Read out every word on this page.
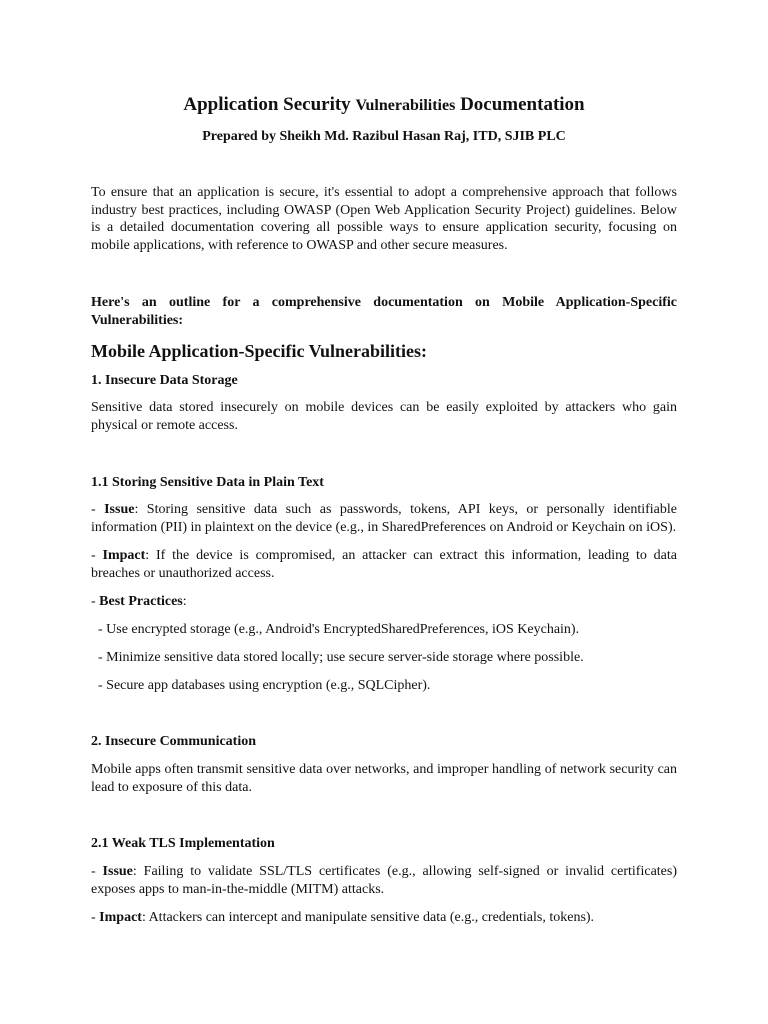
Application Security Vulnerabilities Documentation
Prepared by Sheikh Md. Razibul Hasan Raj, ITD, SJIB PLC

To ensure that an application is secure, it's essential to adopt a comprehensive approach that follows industry best practices, including OWASP (Open Web Application Security Project) guidelines. Below is a detailed documentation covering all possible ways to ensure application security, focusing on mobile applications, with reference to OWASP and other secure measures.

Here's an outline for a comprehensive documentation on Mobile Application-Specific Vulnerabilities:

Mobile Application-Specific Vulnerabilities:
1. Insecure Data Storage

Sensitive data stored insecurely on mobile devices can be easily exploited by attackers who gain physical or remote access.

1.1 Storing Sensitive Data in Plain Text

- Issue: Storing sensitive data such as passwords, tokens, API keys, or personally identifiable information (PII) in plaintext on the device (e.g., in SharedPreferences on Android or Keychain on iOS).

- Impact: If the device is compromised, an attacker can extract this information, leading to data breaches or unauthorized access.

- Best Practices:

- Use encrypted storage (e.g., Android's EncryptedSharedPreferences, iOS Keychain).
- Minimize sensitive data stored locally; use secure server-side storage where possible.
- Secure app databases using encryption (e.g., SQLCipher).
2. Insecure Communication

Mobile apps often transmit sensitive data over networks, and improper handling of network security can lead to exposure of this data.

2.1 Weak TLS Implementation

- Issue: Failing to validate SSL/TLS certificates (e.g., allowing self-signed or invalid certificates) exposes apps to man-in-the-middle (MITM) attacks.

- Impact: Attackers can intercept and manipulate sensitive data (e.g., credentials, tokens).
